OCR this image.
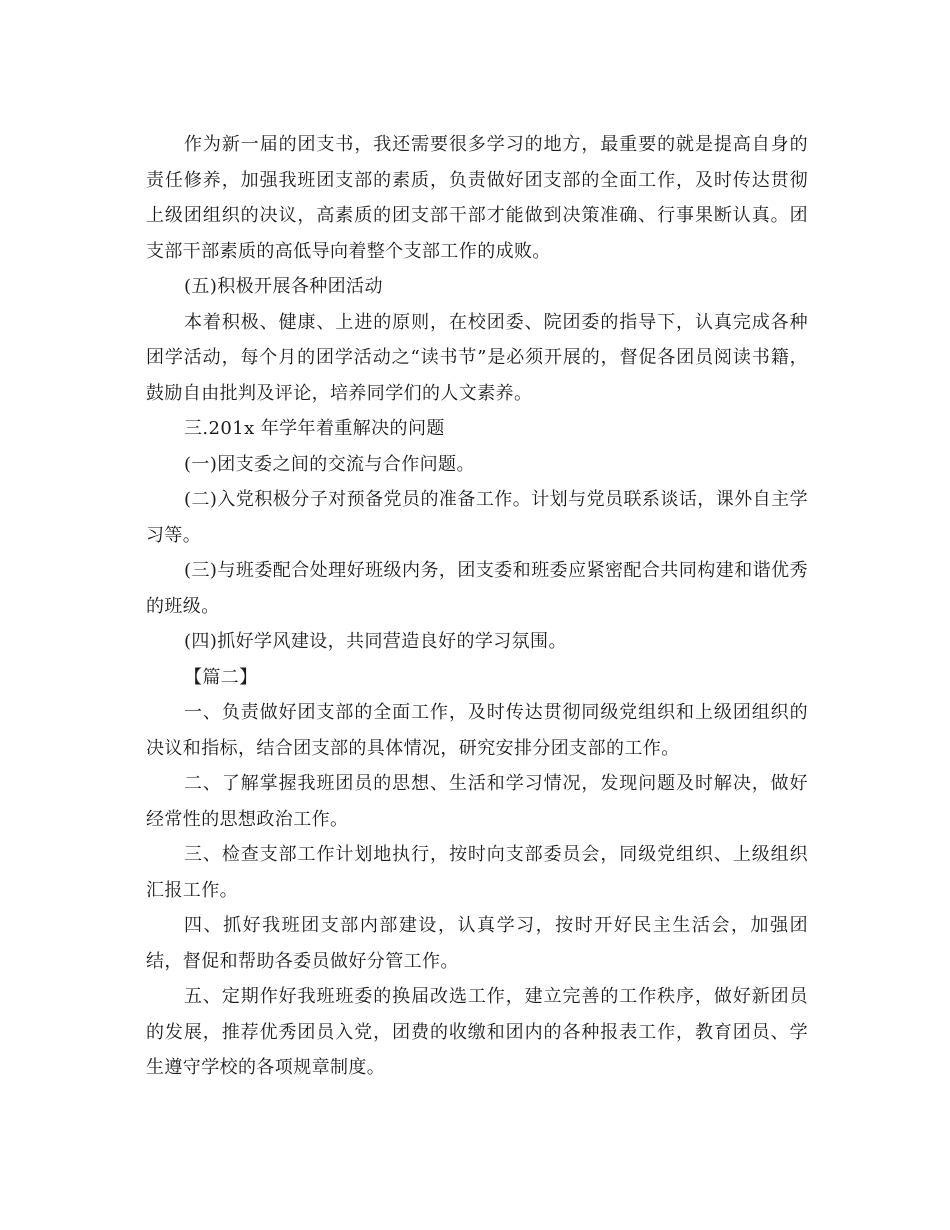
作为新一届的团支书，我还需要很多学习的地方，最重要的就是提高自身的责任修养，加强我班团支部的素质，负责做好团支部的全面工作，及时传达贯彻上级团组织的决议，高素质的团支部干部才能做到决策准确、行事果断认真。团支部干部素质的高低导向着整个支部工作的成败。

(五)积极开展各种团活动

本着积极、健康、上进的原则，在校团委、院团委的指导下，认真完成各种团学活动，每个月的团学活动之“读书节”是必须开展的，督促各团员阅读书籍，鼓励自由批判及评论，培养同学们的人文素养。

三.201x 年学年着重解决的问题

(一)团支委之间的交流与合作问题。

(二)入党积极分子对预备党员的准备工作。计划与党员联系谈话，课外自主学习等。

(三)与班委配合处理好班级内务，团支委和班委应紧密配合共同构建和谐优秀的班级。

(四)抓好学风建设，共同营造良好的学习氛围。

【篇二】

一、负责做好团支部的全面工作，及时传达贯彻同级党组织和上级团组织的决议和指标，结合团支部的具体情况，研究安排分团支部的工作。

二、了解掌握我班团员的思想、生活和学习情况，发现问题及时解决，做好经常性的思想政治工作。

三、检查支部工作计划地执行，按时向支部委员会，同级党组织、上级组织汇报工作。

四、抓好我班团支部内部建设，认真学习，按时开好民主生活会，加强团结，督促和帮助各委员做好分管工作。

五、定期作好我班班委的换届改选工作，建立完善的工作秩序，做好新团员的发展，推荐优秀团员入党，团费的收缴和团内的各种报表工作，教育团员、学生遵守学校的各项规章制度。
